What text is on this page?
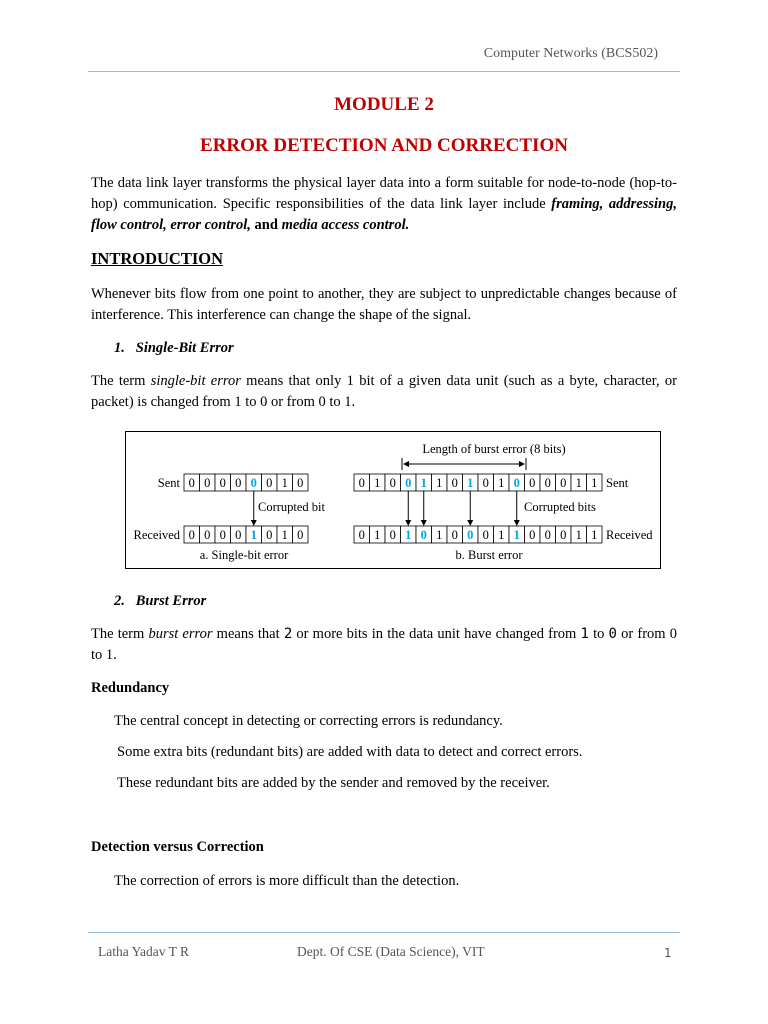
Computer Networks (BCS502)
MODULE 2
ERROR DETECTION AND CORRECTION
The data link layer transforms the physical layer data into a form suitable for node-to-node (hop-to-hop) communication. Specific responsibilities of the data link layer include framing, addressing, flow control, error control, and media access control.
INTRODUCTION
Whenever bits flow from one point to another, they are subject to unpredictable changes because of interference. This interference can change the shape of the signal.
1. Single-Bit Error
The term single-bit error means that only 1 bit of a given data unit (such as a byte, character, or packet) is changed from 1 to 0 or from 0 to 1.
Length of burst error (8 bits)
Sent
Received
Sent
Received
Corrupted bit	Corrupted bits
a. Single-bit error	b. Burst error
0 0 0 0 0 0 1 0
0 0 0 0 1 0 1 0
0 1 0 0 1 1 0 1 0 1 0 0 0 0 1 1
0 1 0 1 0 1 0 0 0 1 1 0 0 0 1 1
2. Burst Error
The term burst error means that 2 or more bits in the data unit have changed from 1 to 0 or from 0 to 1.
Redundancy
The central concept in detecting or correcting errors is redundancy.
Some extra bits (redundant bits) are added with data to detect and correct errors.
These redundant bits are added by the sender and removed by the receiver.
Detection versus Correction
The correction of errors is more difficult than the detection.
Latha Yadav T R	Dept. Of CSE (Data Science), VIT	1
